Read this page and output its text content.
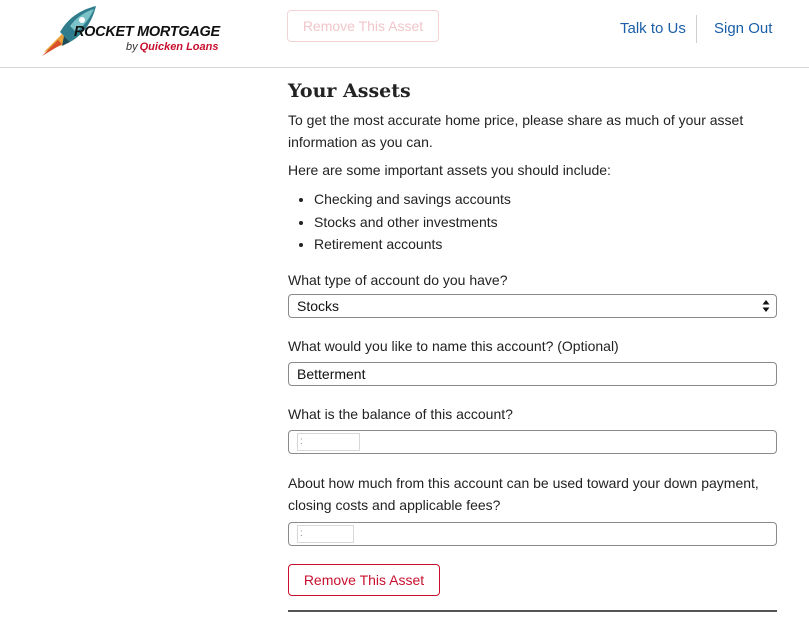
ROCKET MORTGAGE
by Quicken Loans
Remove This Asset	Talk to Us Sign Out
Your Assets

To get the most accurate home price, please share as much of your asset information as you can.

Here are some important assets you should include:

• Checking and savings accounts
• Stocks and other investments
• Retirement accounts
What type of account do you have?
Stocks
What would you like to name this account? (Optional)
Betterment
What is the balance of this account?
:
About how much from this account can be used toward your down payment, closing costs and applicable fees?
:
Remove This Asset
